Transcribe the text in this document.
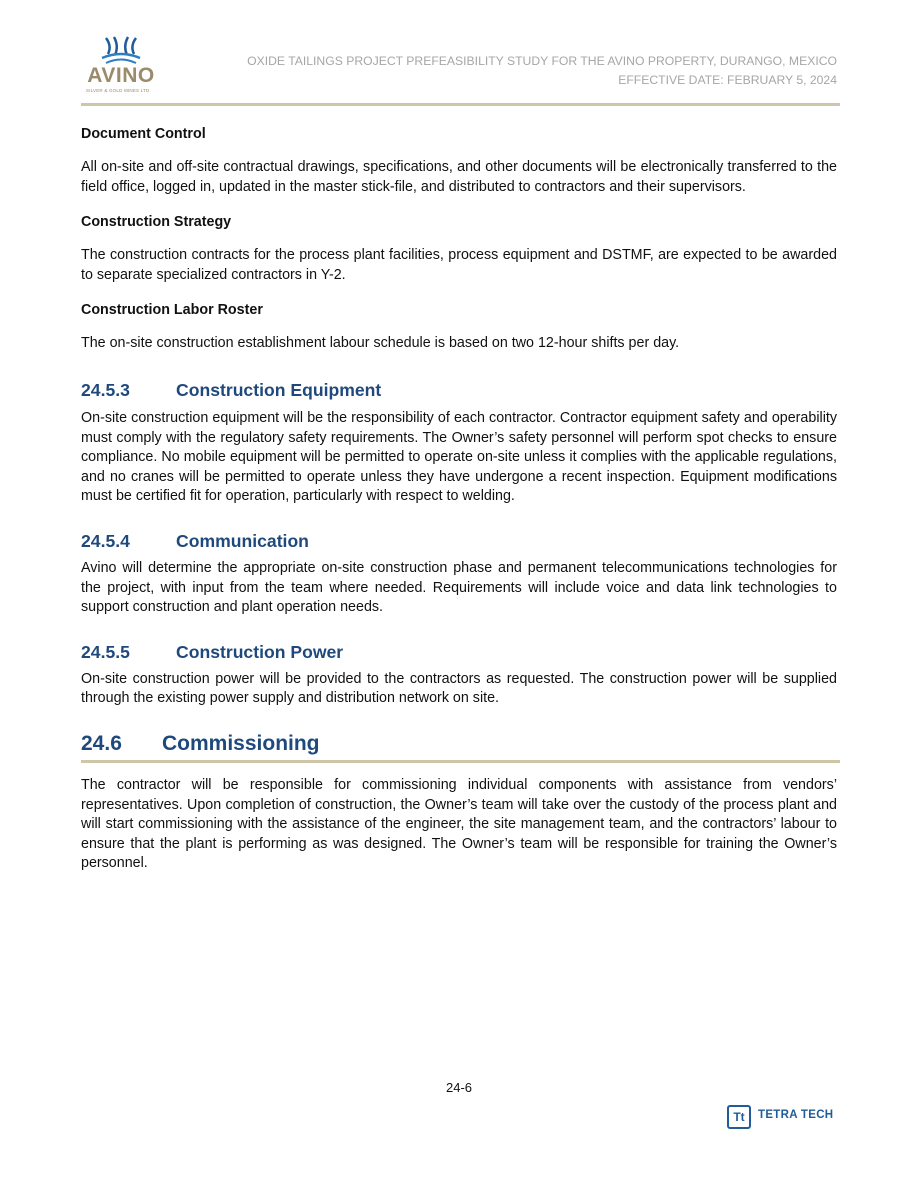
AVINO
SILVER & GOLD MINES LTD.
OXIDE TAILINGS PROJECT PREFEASIBILITY STUDY FOR THE AVINO PROPERTY, DURANGO, MEXICO
EFFECTIVE DATE: FEBRUARY 5, 2024
Document Control

All on-site and off-site contractual drawings, specifications, and other documents will be electronically transferred to the field office, logged in, updated in the master stick-file, and distributed to contractors and their supervisors.

Construction Strategy

The construction contracts for the process plant facilities, process equipment and DSTMF, are expected to be awarded to separate specialized contractors in Y-2.

Construction Labor Roster

The on-site construction establishment labour schedule is based on two 12-hour shifts per day.

24.5.3	Construction Equipment

On-site construction equipment will be the responsibility of each contractor. Contractor equipment safety and operability must comply with the regulatory safety requirements. The Owner’s safety personnel will perform spot checks to ensure compliance. No mobile equipment will be permitted to operate on-site unless it complies with the applicable regulations, and no cranes will be permitted to operate unless they have undergone a recent inspection. Equipment modifications must be certified fit for operation, particularly with respect to welding.

24.5.4	Communication

Avino will determine the appropriate on-site construction phase and permanent telecommunications technologies for the project, with input from the team where needed. Requirements will include voice and data link technologies to support construction and plant operation needs.

24.5.5	Construction Power

On-site construction power will be provided to the contractors as requested. The construction power will be supplied through the existing power supply and distribution network on site.

24.6 Commissioning

The contractor will be responsible for commissioning individual components with assistance from vendors’ representatives. Upon completion of construction, the Owner’s team will take over the custody of the process plant and will start commissioning with the assistance of the engineer, the site management team, and the contractors’ labour to ensure that the plant is performing as was designed. The Owner’s team will be responsible for training the Owner’s personnel.

24-6
Tt	TETRA TECH
